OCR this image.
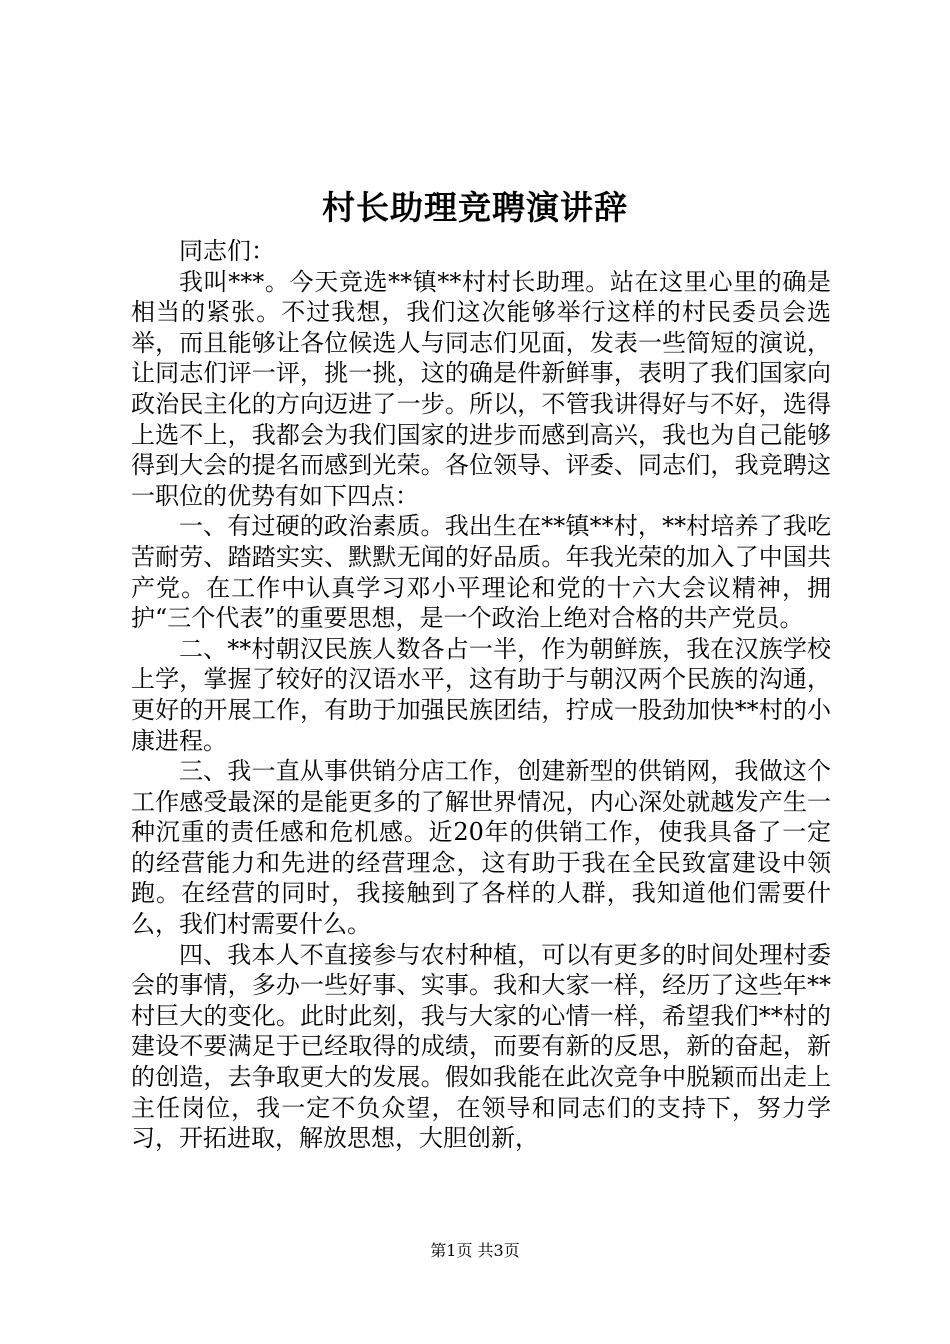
村长助理竞聘演讲辞

同志们：

我叫***。今天竞选**镇**村村长助理。站在这里心里的确是相当的紧张。不过我想，我们这次能够举行这样的村民委员会选举，而且能够让各位候选人与同志们见面，发表一些简短的演说，让同志们评一评，挑一挑，这的确是件新鲜事，表明了我们国家向政治民主化的方向迈进了一步。所以，不管我讲得好与不好，选得上选不上，我都会为我们国家的进步而感到高兴，我也为自己能够得到大会的提名而感到光荣。各位领导、评委、同志们，我竞聘这一职位的优势有如下四点：

一、有过硬的政治素质。我出生在**镇**村，**村培养了我吃苦耐劳、踏踏实实、默默无闻的好品质。年我光荣的加入了中国共产党。在工作中认真学习邓小平理论和党的十六大会议精神，拥护“三个代表”的重要思想，是一个政治上绝对合格的共产党员。

二、**村朝汉民族人数各占一半，作为朝鲜族，我在汉族学校上学，掌握了较好的汉语水平，这有助于与朝汉两个民族的沟通，更好的开展工作，有助于加强民族团结，拧成一股劲加快**村的小康进程。

三、我一直从事供销分店工作，创建新型的供销网，我做这个工作感受最深的是能更多的了解世界情况，内心深处就越发产生一种沉重的责任感和危机感。近20年的供销工作，使我具备了一定的经营能力和先进的经营理念，这有助于我在全民致富建设中领跑。在经营的同时，我接触到了各样的人群，我知道他们需要什么，我们村需要什么。

四、我本人不直接参与农村种植，可以有更多的时间处理村委会的事情，多办一些好事、实事。我和大家一样，经历了这些年**村巨大的变化。此时此刻，我与大家的心情一样，希望我们**村的建设不要满足于已经取得的成绩，而要有新的反思，新的奋起，新的创造，去争取更大的发展。假如我能在此次竞争中脱颖而出走上主任岗位，我一定不负众望，在领导和同志们的支持下，努力学习，开拓进取，解放思想，大胆创新，

第1页 共3页
